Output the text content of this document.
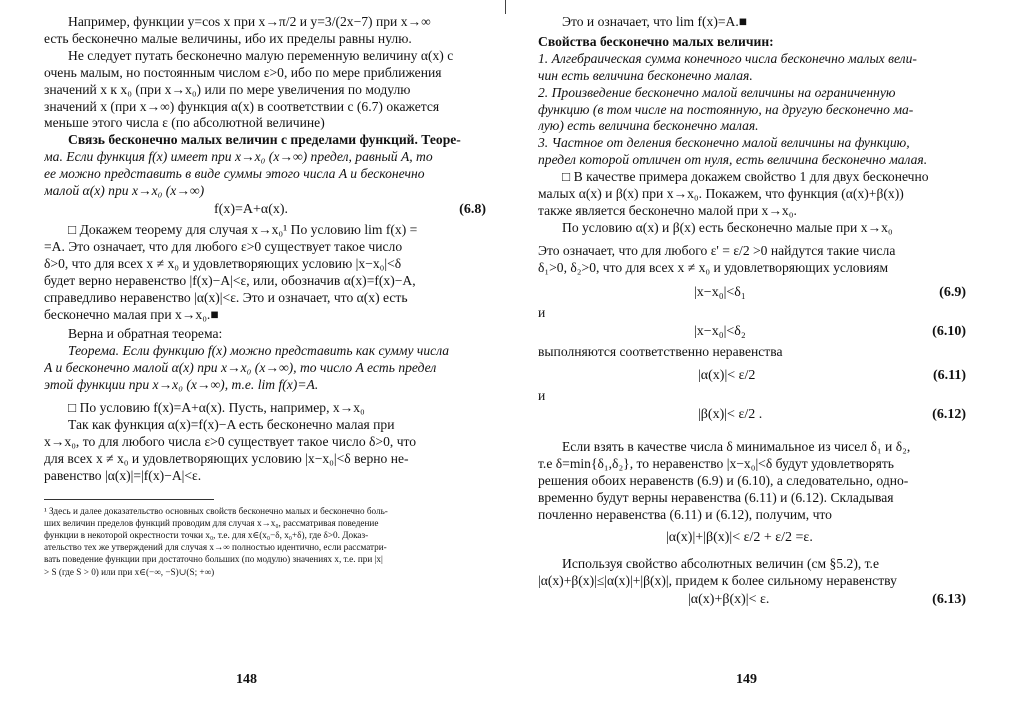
Например, функции y=cos x при x→π/2 и y=3/(2x−7) при x→∞
есть бесконечно малые величины, ибо их пределы равны нулю.
Не следует путать бесконечно малую переменную величину α(x) с
очень малым, но постоянным числом ε>0, ибо по мере приближения
значений x к x₀ (при x→x₀) или по мере увеличения по модулю
значений x (при x→∞) функция α(x) в соответствии с (6.7) окажется
меньше этого числа ε (по абсолютной величине)
Связь бесконечно малых величин с пределами функций. Теоре-
ма. Если функция f(x) имеет при x→x₀ (x→∞) предел, равный A, то
ее можно представить в виде суммы этого числа A и бесконечно
малой α(x) при x→x₀ (x→∞)
f(x)=A+α(x).	(6.8)
□ Докажем теорему для случая x→x₀¹ По условию lim f(x) =
=A. Это означает, что для любого ε>0 существует такое число
δ>0, что для всех x ≠ x₀ и удовлетворяющих условию |x−x₀|<δ
будет верно неравенство |f(x)−A|<ε, или, обозначив α(x)=f(x)−A,
справедливо неравенство |α(x)|<ε. Это и означает, что α(x) есть
бесконечно малая при x→x₀.■
Верна и обратная теорема:
Теорема. Если функцию f(x) можно представить как сумму числа
A и бесконечно малой α(x) при x→x₀ (x→∞), то число A есть предел
этой функции при x→x₀ (x→∞), т.е. lim f(x)=A.
□ По условию f(x)=A+α(x). Пусть, например, x→x₀
Так как функция α(x)=f(x)−A есть бесконечно малая при
x→x₀, то для любого числа ε>0 существует такое число δ>0, что
для всех x ≠ x₀ и удовлетворяющих условию |x−x₀|<δ верно не-
равенство |α(x)|=|f(x)−A|<ε.
¹ Здесь и далее доказательство основных свойств бесконечно малых и бесконечно боль-
ших величин пределов функций проводим для случая x→x₀, рассматривая поведение
функции в некоторой окрестности точки x₀, т.е. для x∈(x₀−δ, x₀+δ), где δ>0. Доказ-
ательство тех же утверждений для случая x→∞ полностью идентично, если рассматри-
вать поведение функции при достаточно больших (по модулю) значениях x, т.е. при |x|
> S (где S > 0) или при x∈(−∞, −S)∪(S; +∞)
148
Это и означает, что lim f(x)=A.■
Свойства бесконечно малых величин:
1. Алгебраическая сумма конечного числа бесконечно малых вели-
чин есть величина бесконечно малая.
2. Произведение бесконечно малой величины на ограниченную
функцию (в том числе на постоянную, на другую бесконечно ма-
лую) есть величина бесконечно малая.
3. Частное от деления бесконечно малой величины на функцию,
предел которой отличен от нуля, есть величина бесконечно малая.
□ В качестве примера докажем свойство 1 для двух бесконечно
малых α(x) и β(x) при x→x₀. Покажем, что функция (α(x)+β(x))
также является бесконечно малой при x→x₀.
По условию α(x) и β(x) есть бесконечно малые при x→x₀
Это означает, что для любого ε' = ε/2 >0 найдутся такие числа
δ₁>0, δ₂>0, что для всех x ≠ x₀ и удовлетворяющих условиям
|x−x₀|<δ₁	(6.9)
и
|x−x₀|<δ₂	(6.10)
выполняются соответственно неравенства
|α(x)|< ε/2	(6.11)
и
|β(x)|< ε/2 .	(6.12)
Если взять в качестве числа δ минимальное из чисел δ₁ и δ₂,
т.е δ=min{δ₁,δ₂}, то неравенство |x−x₀|<δ будут удовлетворять
решения обоих неравенств (6.9) и (6.10), а следовательно, одно-
временно будут верны неравенства (6.11) и (6.12). Складывая
почленно неравенства (6.11) и (6.12), получим, что
|α(x)|+|β(x)|< ε/2 + ε/2 =ε.
Используя свойство абсолютных величин (см §5.2), т.е
|α(x)+β(x)|≤|α(x)|+|β(x)|, придем к более сильному неравенству
|α(x)+β(x)|< ε.	(6.13)
149
